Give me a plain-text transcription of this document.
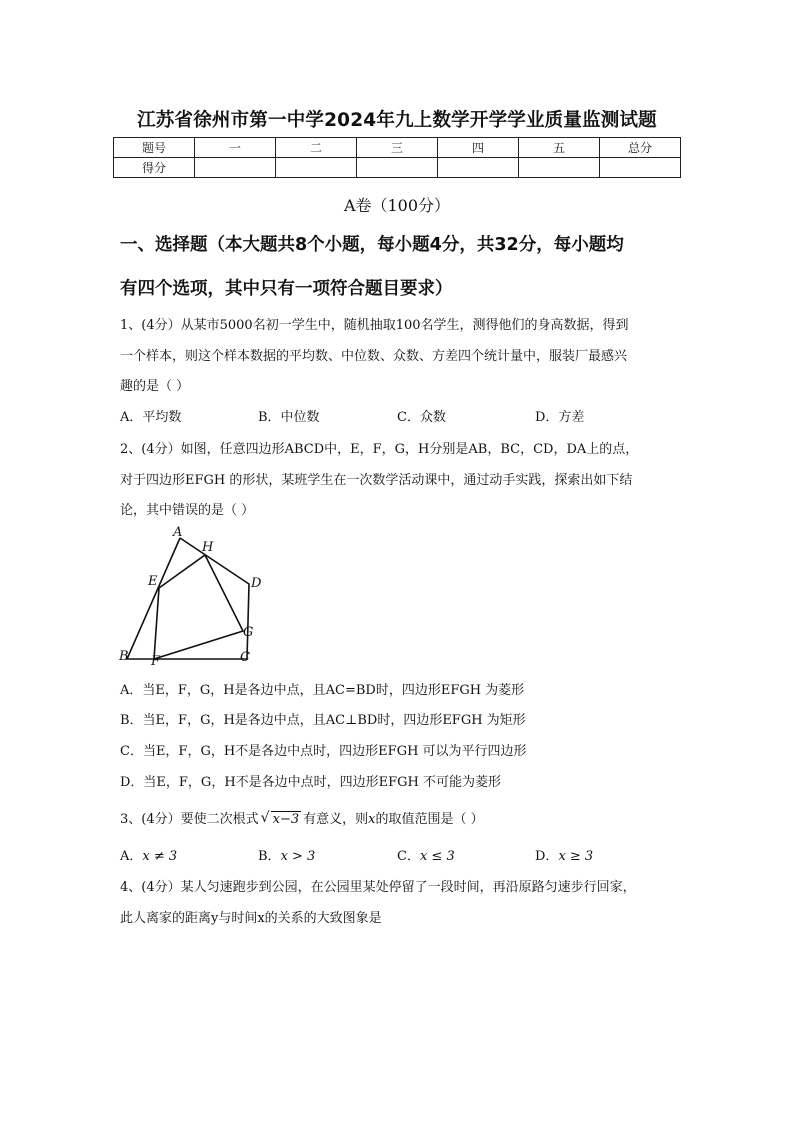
江苏省徐州市第一中学2024年九上数学开学学业质量监测试题
题号	一	二	三	四	五	总分
得分						
A卷（100分）
一、选择题（本大题共8个小题，每小题4分，共32分，每小题均
有四个选项，其中只有一项符合题目要求）
1、(4分）从某市5000名初一学生中，随机抽取100名学生，测得他们的身高数据，得到
一个样本，则这个样本数据的平均数、中位数、众数、方差四个统计量中，服装厂最感兴
趣的是（ ）
A．平均数	B．中位数	C．众数	D．方差
2、(4分）如图，任意四边形ABCD中，E，F，G，H分别是AB，BC，CD，DA上的点，
对于四边形EFGH 的形状，某班学生在一次数学活动课中，通过动手实践，探索出如下结
论，其中错误的是（ ）
A
H
E	D
G
B F	C
A．当E，F，G，H是各边中点，且AC=BD时，四边形EFGH 为菱形
B．当E，F，G，H是各边中点，且AC⊥BD时，四边形EFGH 为矩形
C．当E，F，G，H不是各边中点时，四边形EFGH 可以为平行四边形
D．当E，F，G，H不是各边中点时，四边形EFGH 不可能为菱形
3、(4分）要使二次根式 √ x−3 有意义，则x的取值范围是（ ）
A．x ≠ 3	B．x > 3	C．x ≤ 3	D．x ≥ 3
4、(4分）某人匀速跑步到公园，在公园里某处停留了一段时间，再沿原路匀速步行回家，
此人离家的距离y与时间x的关系的大致图象是
